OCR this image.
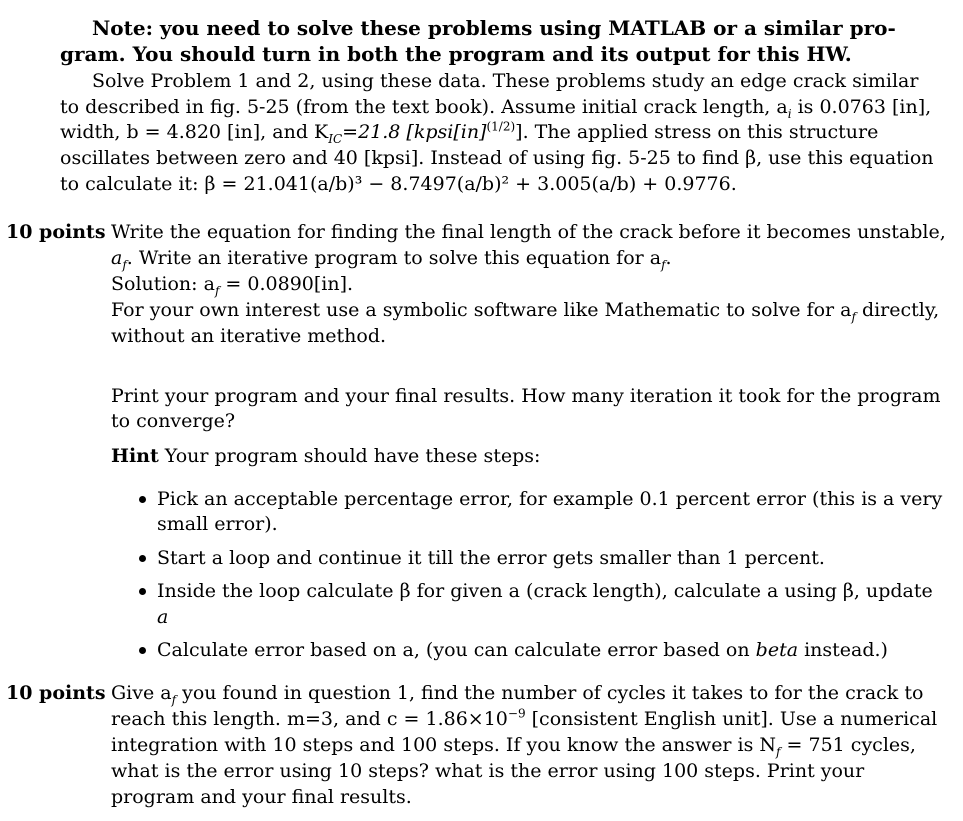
Note: you need to solve these problems using MATLAB or a similar pro-
gram. You should turn in both the program and its output for this HW.
Solve Problem 1 and 2, using these data. These problems study an edge crack similar
to described in fig. 5-25 (from the text book). Assume initial crack length, $a_i$ is 0.0763 [in],
width, b = 4.820 [in], and $K_{IC}=21.8$ [kpsi[in]$^{(1/2)}$]. The applied stress on this structure
oscillates between zero and 40 [kpsi]. Instead of using fig. 5-25 to find β, use this equation
to calculate it: β = 21.041(a/b)³ − 8.7497(a/b)² + 3.005(a/b) + 0.9776.
10 points Write the equation for finding the final length of the crack before it becomes unstable,
$a_f$. Write an iterative program to solve this equation for $a_f$.
Solution: $a_f = 0.0890[in]$.
For your own interest use a symbolic software like Mathematic to solve for $a_f$ directly,
without an iterative method.
Print your program and your final results. How many iteration it took for the program
to converge?
Hint Your program should have these steps:
Pick an acceptable percentage error, for example 0.1 percent error (this is a very
small error).
Start a loop and continue it till the error gets smaller than 1 percent.
Inside the loop calculate β for given a (crack length), calculate a using β, update
a
Calculate error based on a, (you can calculate error based on beta instead.)
10 points Give $a_f$ you found in question 1, find the number of cycles it takes to for the crack to
reach this length. m=3, and $c = 1.86\times 10^{-9}$ [consistent English unit]. Use a numerical
integration with 10 steps and 100 steps. If you know the answer is $N_f = 751$ cycles,
what is the error using 10 steps? what is the error using 100 steps. Print your
program and your final results.
